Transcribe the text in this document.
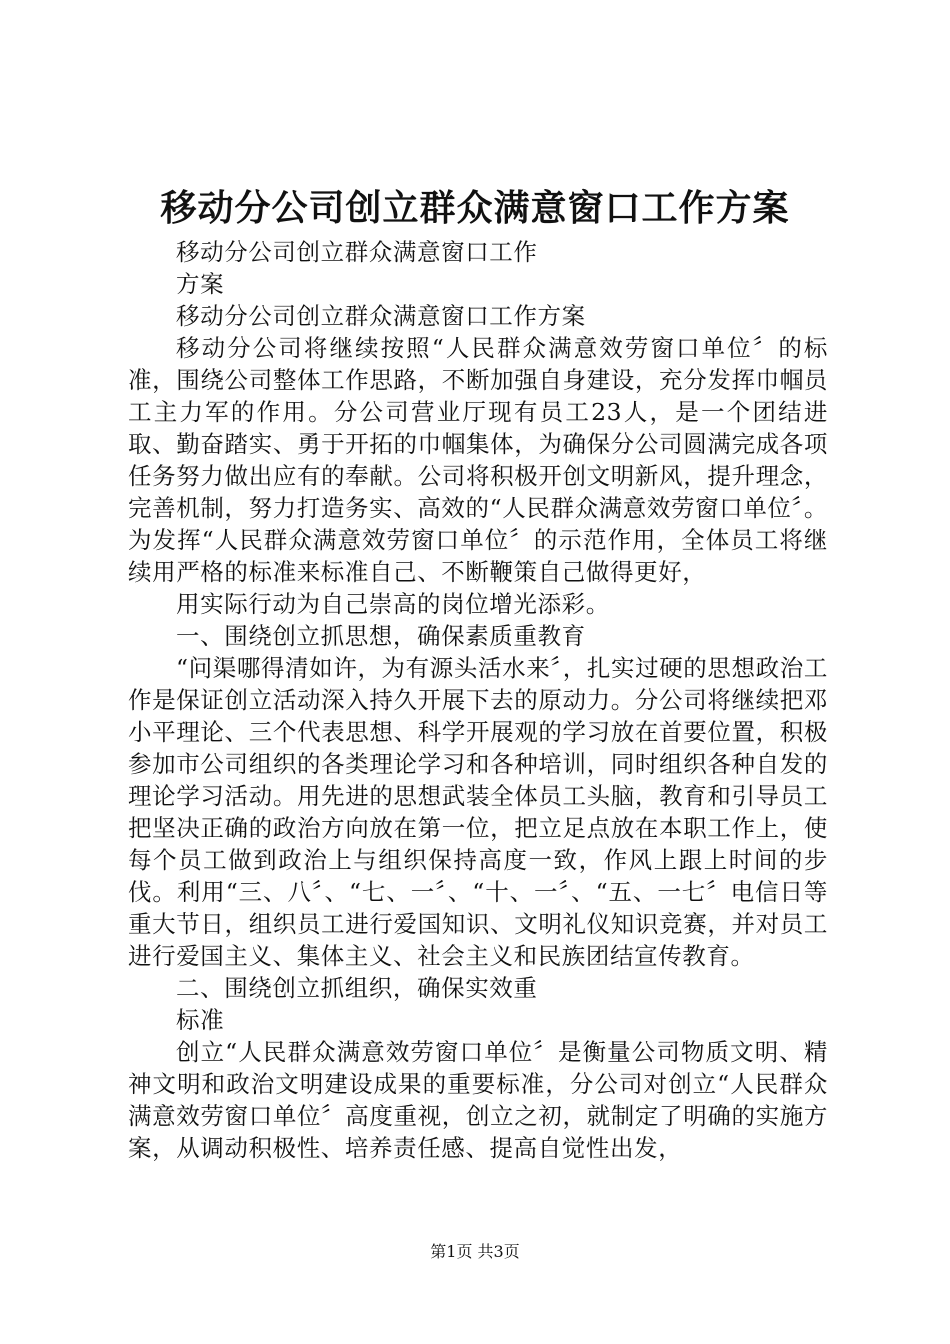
移动分公司创立群众满意窗口工作方案

移动分公司创立群众满意窗口工作

方案

移动分公司创立群众满意窗口工作方案

移动分公司将继续按照“人民群众满意效劳窗口单位〞的标准，围绕公司整体工作思路，不断加强自身建设，充分发挥巾帼员工主力军的作用。分公司营业厅现有员工23人，是一个团结进取、勤奋踏实、勇于开拓的巾帼集体，为确保分公司圆满完成各项任务努力做出应有的奉献。公司将积极开创文明新风，提升理念，完善机制，努力打造务实、高效的“人民群众满意效劳窗口单位〞。为发挥“人民群众满意效劳窗口单位〞的示范作用，全体员工将继续用严格的标准来标准自己、不断鞭策自己做得更好，

用实际行动为自己崇高的岗位增光添彩。

一、围绕创立抓思想，确保素质重教育

“问渠哪得清如许，为有源头活水来〞，扎实过硬的思想政治工作是保证创立活动深入持久开展下去的原动力。分公司将继续把邓小平理论、三个代表思想、科学开展观的学习放在首要位置，积极参加市公司组织的各类理论学习和各种培训，同时组织各种自发的理论学习活动。用先进的思想武装全体员工头脑，教育和引导员工把坚决正确的政治方向放在第一位，把立足点放在本职工作上，使每个员工做到政治上与组织保持高度一致，作风上跟上时间的步伐。利用“三、八〞、“七、一〞、“十、一〞、“五、一七〞电信日等重大节日，组织员工进行爱国知识、文明礼仪知识竞赛，并对员工进行爱国主义、集体主义、社会主义和民族团结宣传教育。

二、围绕创立抓组织，确保实效重

标准

创立“人民群众满意效劳窗口单位〞是衡量公司物质文明、精神文明和政治文明建设成果的重要标准，分公司对创立“人民群众满意效劳窗口单位〞高度重视，创立之初，就制定了明确的实施方案，从调动积极性、培养责任感、提高自觉性出发，

第1页 共3页
